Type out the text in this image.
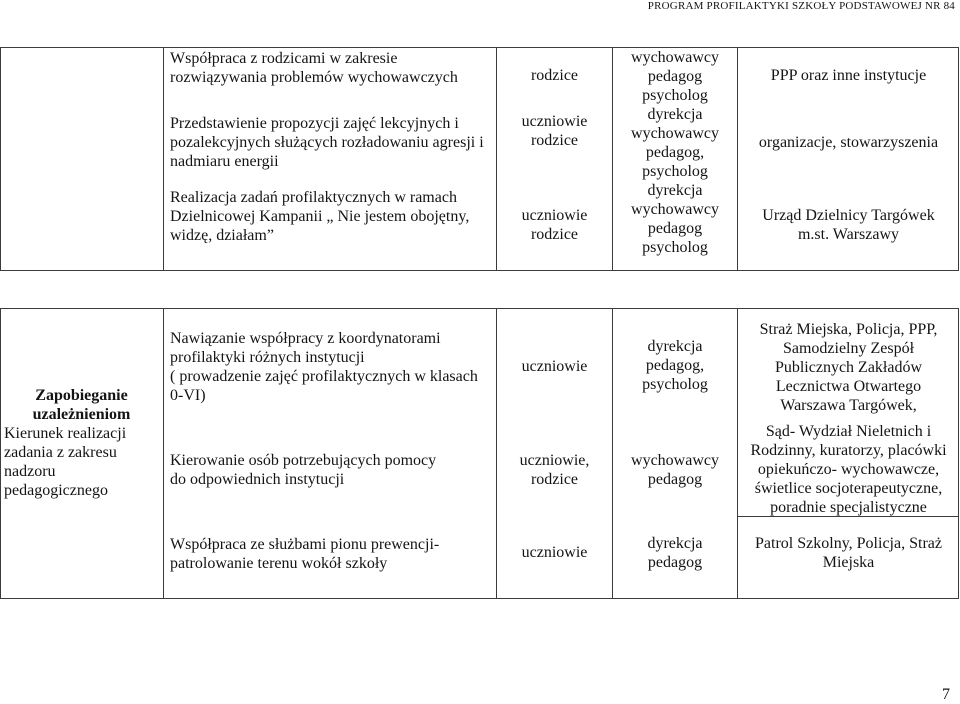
PROGRAM PROFILAKTYKI SZKOŁY PODSTAWOWEJ NR 84
Współpraca z rodzicami w zakresie
rozwiązywania problemów wychowawczych
Przedstawienie propozycji zajęć lekcyjnych i
pozalekcyjnych służących rozładowaniu agresji i
nadmiaru energii
Realizacja zadań profilaktycznych w ramach
Dzielnicowej Kampanii „ Nie jestem obojętny,
widzę, działam”
rodzice
uczniowie
rodzice
uczniowie
rodzice
wychowawcy
pedagog
psycholog
dyrekcja
wychowawcy
pedagog,
psycholog
dyrekcja
wychowawcy
pedagog
psycholog
PPP oraz inne instytucje
organizacje, stowarzyszenia
Urząd Dzielnicy Targówek
m.st. Warszawy
Zapobieganie
uzależnieniom
Kierunek realizacji
zadania z zakresu
nadzoru
pedagogicznego
Nawiązanie współpracy z koordynatorami
profilaktyki różnych instytucji
( prowadzenie zajęć profilaktycznych w klasach
0-VI)
Kierowanie osób potrzebujących pomocy
do odpowiednich instytucji
Współpraca ze służbami pionu prewencji-
patrolowanie terenu wokół szkoły
uczniowie
uczniowie,
rodzice
uczniowie
dyrekcja
pedagog,
psycholog
wychowawcy
pedagog
dyrekcja
pedagog
Straż Miejska, Policja, PPP,
Samodzielny Zespół
Publicznych Zakładów
Lecznictwa Otwartego
Warszawa Targówek,
Sąd- Wydział Nieletnich i
Rodzinny, kuratorzy, placówki
opiekuńczo- wychowawcze,
świetlice socjoterapeutyczne,
poradnie specjalistyczne
Patrol Szkolny, Policja, Straż
Miejska
7
